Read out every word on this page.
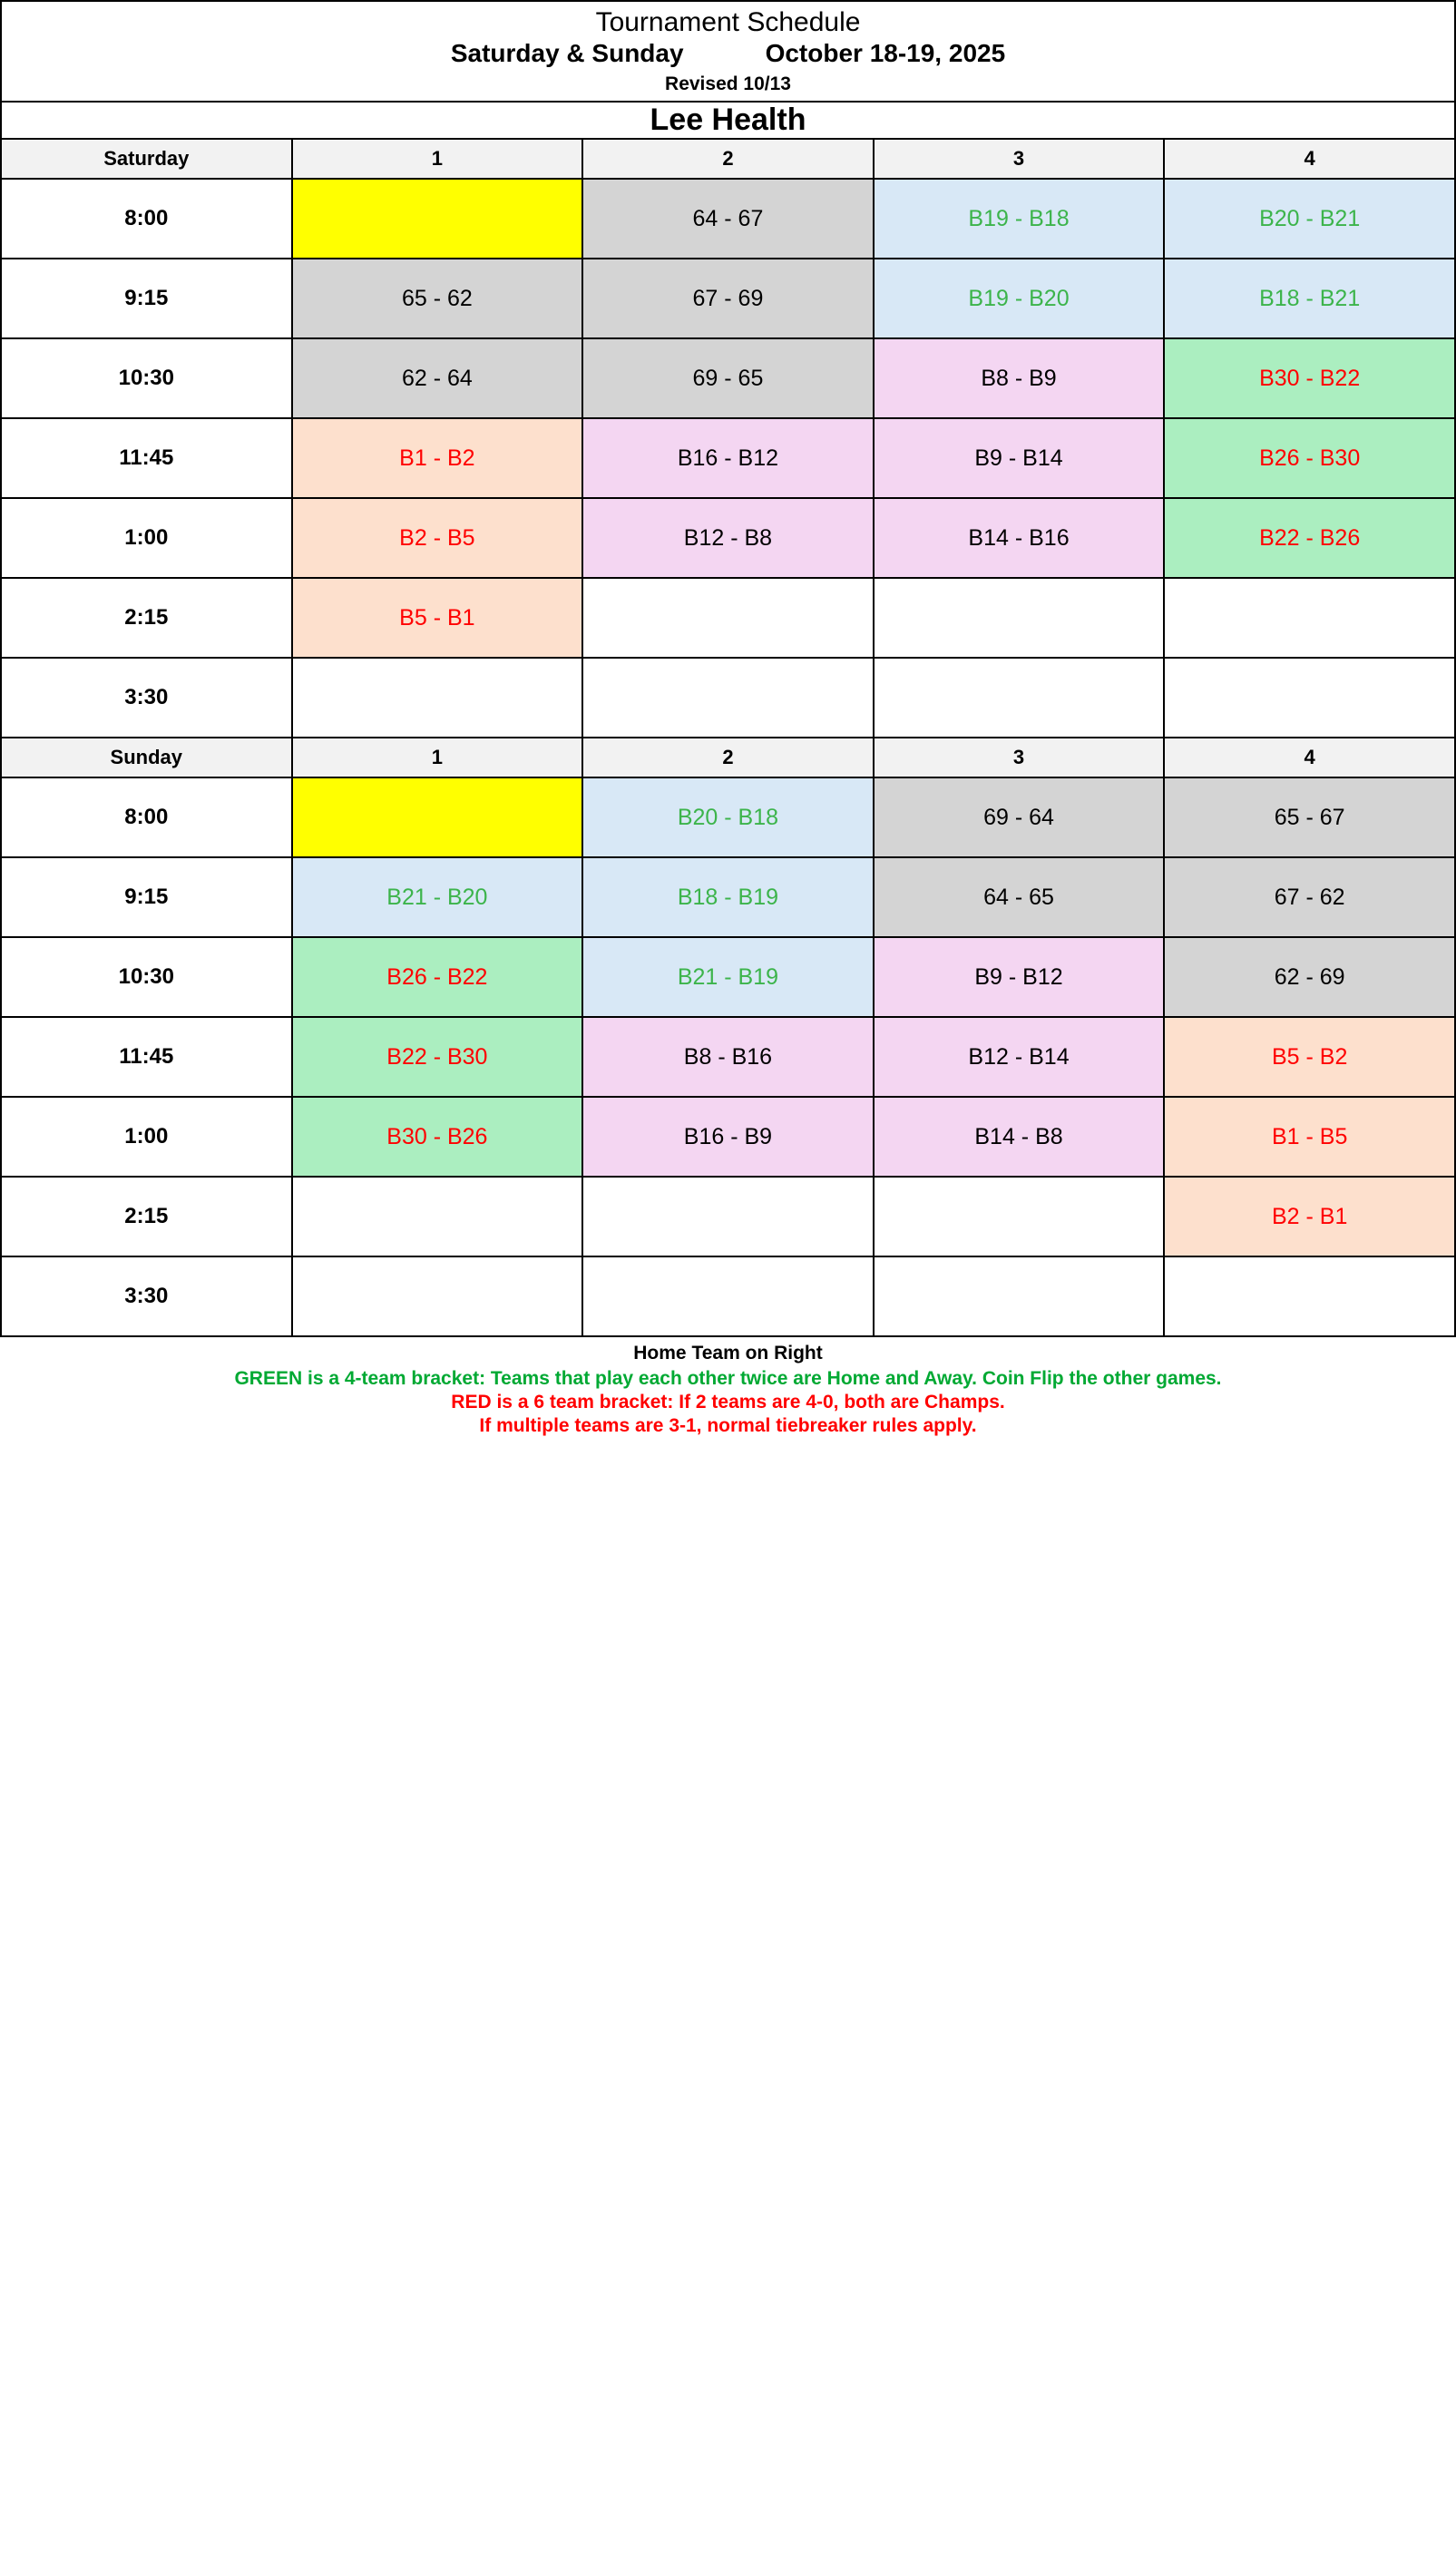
Tournament Schedule
Saturday & Sunday October 18-19, 2025
Revised 10/13				

Lee Health				
Saturday	1	2	3	4
8:00		64 - 67	B19 - B18	B20 - B21
9:15	65 - 62	67 - 69	B19 - B20	B18 - B21
10:30	62 - 64	69 - 65	B8 - B9	B30 - B22
11:45	B1 - B2	B16 - B12	B9 - B14	B26 - B30
1:00	B2 - B5	B12 - B8	B14 - B16	B22 - B26
2:15	B5 - B1			
3:30				
Sunday	1	2	3	4
8:00		B20 - B18	69 - 64	65 - 67
9:15	B21 - B20	B18 - B19	64 - 65	67 - 62
10:30	B26 - B22	B21 - B19	B9 - B12	62 - 69
11:45	B22 - B30	B8 - B16	B12 - B14	B5 - B2
1:00	B30 - B26	B16 - B9	B14 - B8	B1 - B5
2:15				B2 - B1
3:30				
Home Team on Right
GREEN is a 4-team bracket: Teams that play each other twice are Home and Away. Coin Flip the other games.
RED is a 6 team bracket: If 2 teams are 4-0, both are Champs.
If multiple teams are 3-1, normal tiebreaker rules apply.
